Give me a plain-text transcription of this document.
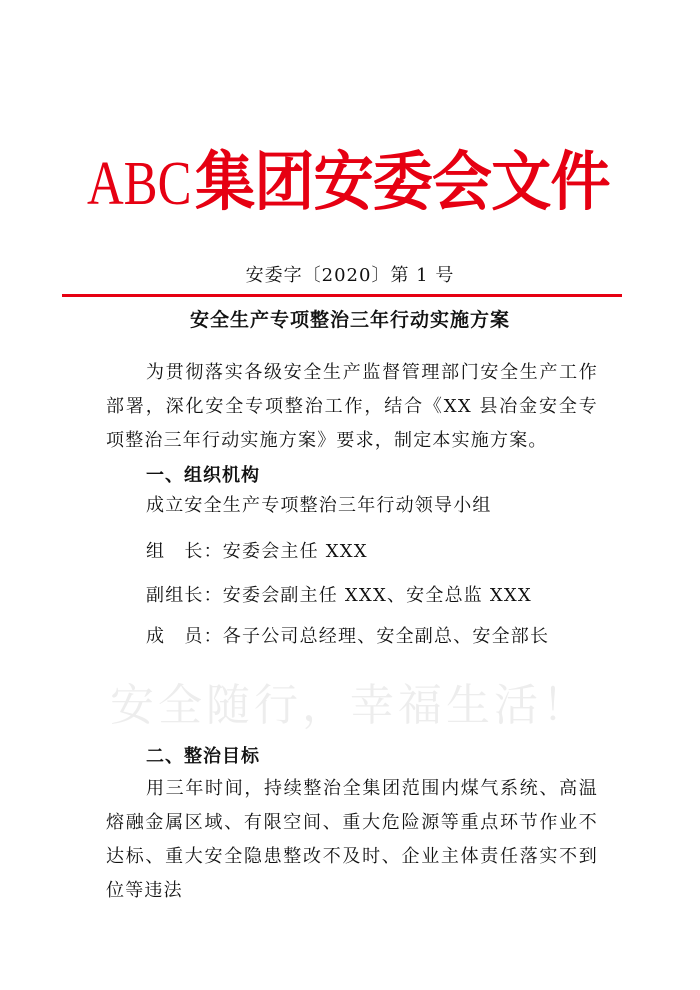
ABC集团安委会文件
安委字〔2020〕第 1 号
安全生产专项整治三年行动实施方案
为贯彻落实各级安全生产监督管理部门安全生产工作部署，深化安全专项整治工作，结合《XX 县冶金安全专项整治三年行动实施方案》要求，制定本实施方案。
一、组织机构
成立安全生产专项整治三年行动领导小组
组　长：安委会主任 XXX
副组长：安委会副主任 XXX、安全总监 XXX
成　员：各子公司总经理、安全副总、安全部长
安全随行，幸福生活！
二、整治目标
用三年时间，持续整治全集团范围内煤气系统、高温熔融金属区域、有限空间、重大危险源等重点环节作业不达标、重大安全隐患整改不及时、企业主体责任落实不到位等违法
